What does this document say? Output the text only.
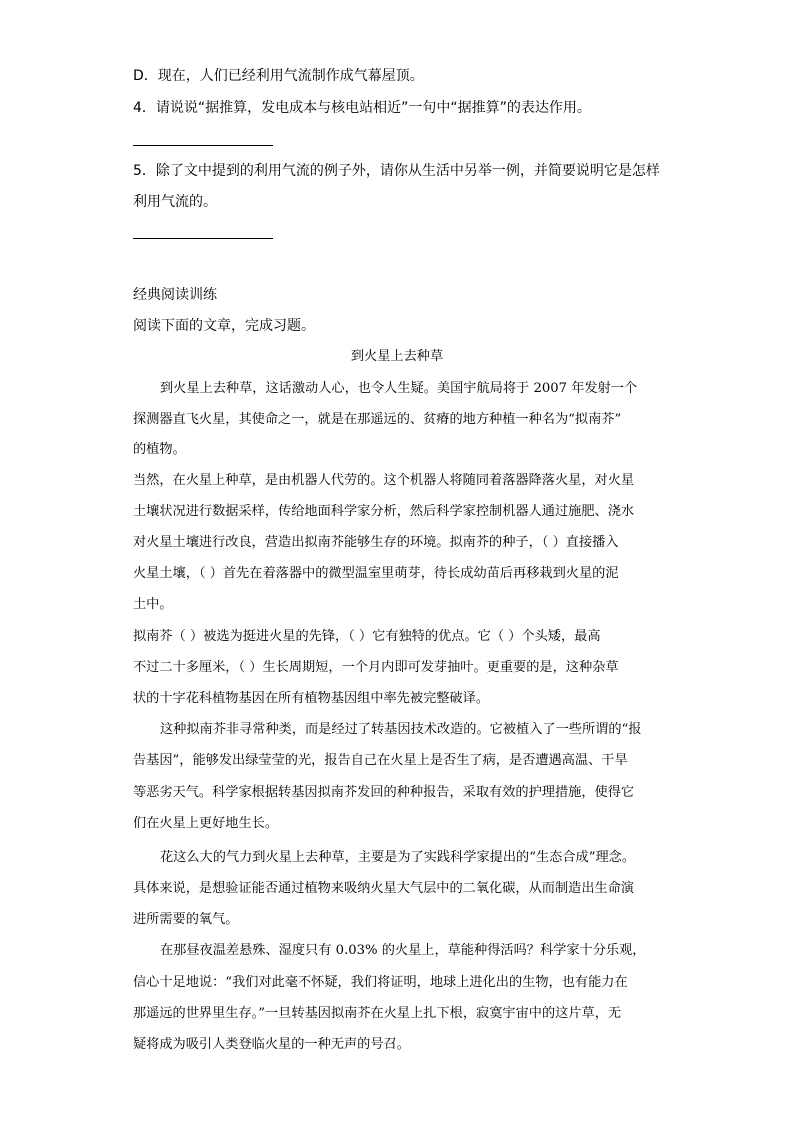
D．现在，人们已经利用气流制作成气幕屋顶。
4．请说说“据推算，发电成本与核电站相近”一句中“据推算”的表达作用。
5．除了文中提到的利用气流的例子外，请你从生活中另举一例，并简要说明它是怎样
利用气流的。
经典阅读训练
阅读下面的文章，完成习题。
到火星上去种草
到火星上去种草，这话激动人心，也令人生疑。美国宇航局将于 2007 年发射一个
探测器直飞火星，其使命之一，就是在那遥远的、贫瘠的地方种植一种名为“拟南芥”
的植物。
当然，在火星上种草，是由机器人代劳的。这个机器人将随同着落器降落火星，对火星
土壤状况进行数据采样，传给地面科学家分析，然后科学家控制机器人通过施肥、浇水
对火星土壤进行改良，营造出拟南芥能够生存的环境。拟南芥的种子，（ ）直接播入
火星土壤，（ ）首先在着落器中的微型温室里萌芽，待长成幼苗后再移栽到火星的泥
土中。
拟南芥（ ）被选为挺进火星的先锋，（ ）它有独特的优点。它（ ）个头矮，最高
不过二十多厘米，（ ）生长周期短，一个月内即可发芽抽叶。更重要的是，这种杂草
状的十字花科植物基因在所有植物基因组中率先被完整破译。
这种拟南芥非寻常种类，而是经过了转基因技术改造的。它被植入了一些所谓的“报
告基因”，能够发出绿莹莹的光，报告自己在火星上是否生了病，是否遭遇高温、干旱
等恶劣天气。科学家根据转基因拟南芥发回的种种报告，采取有效的护理措施，使得它
们在火星上更好地生长。
花这么大的气力到火星上去种草，主要是为了实践科学家提出的“生态合成”理念。
具体来说，是想验证能否通过植物来吸纳火星大气层中的二氧化碳，从而制造出生命演
进所需要的氧气。
在那昼夜温差悬殊、湿度只有 0.03% 的火星上，草能种得活吗？科学家十分乐观，
信心十足地说：“我们对此毫不怀疑，我们将证明，地球上进化出的生物，也有能力在
那遥远的世界里生存。”一旦转基因拟南芥在火星上扎下根，寂寞宇宙中的这片草，无
疑将成为吸引人类登临火星的一种无声的号召。
